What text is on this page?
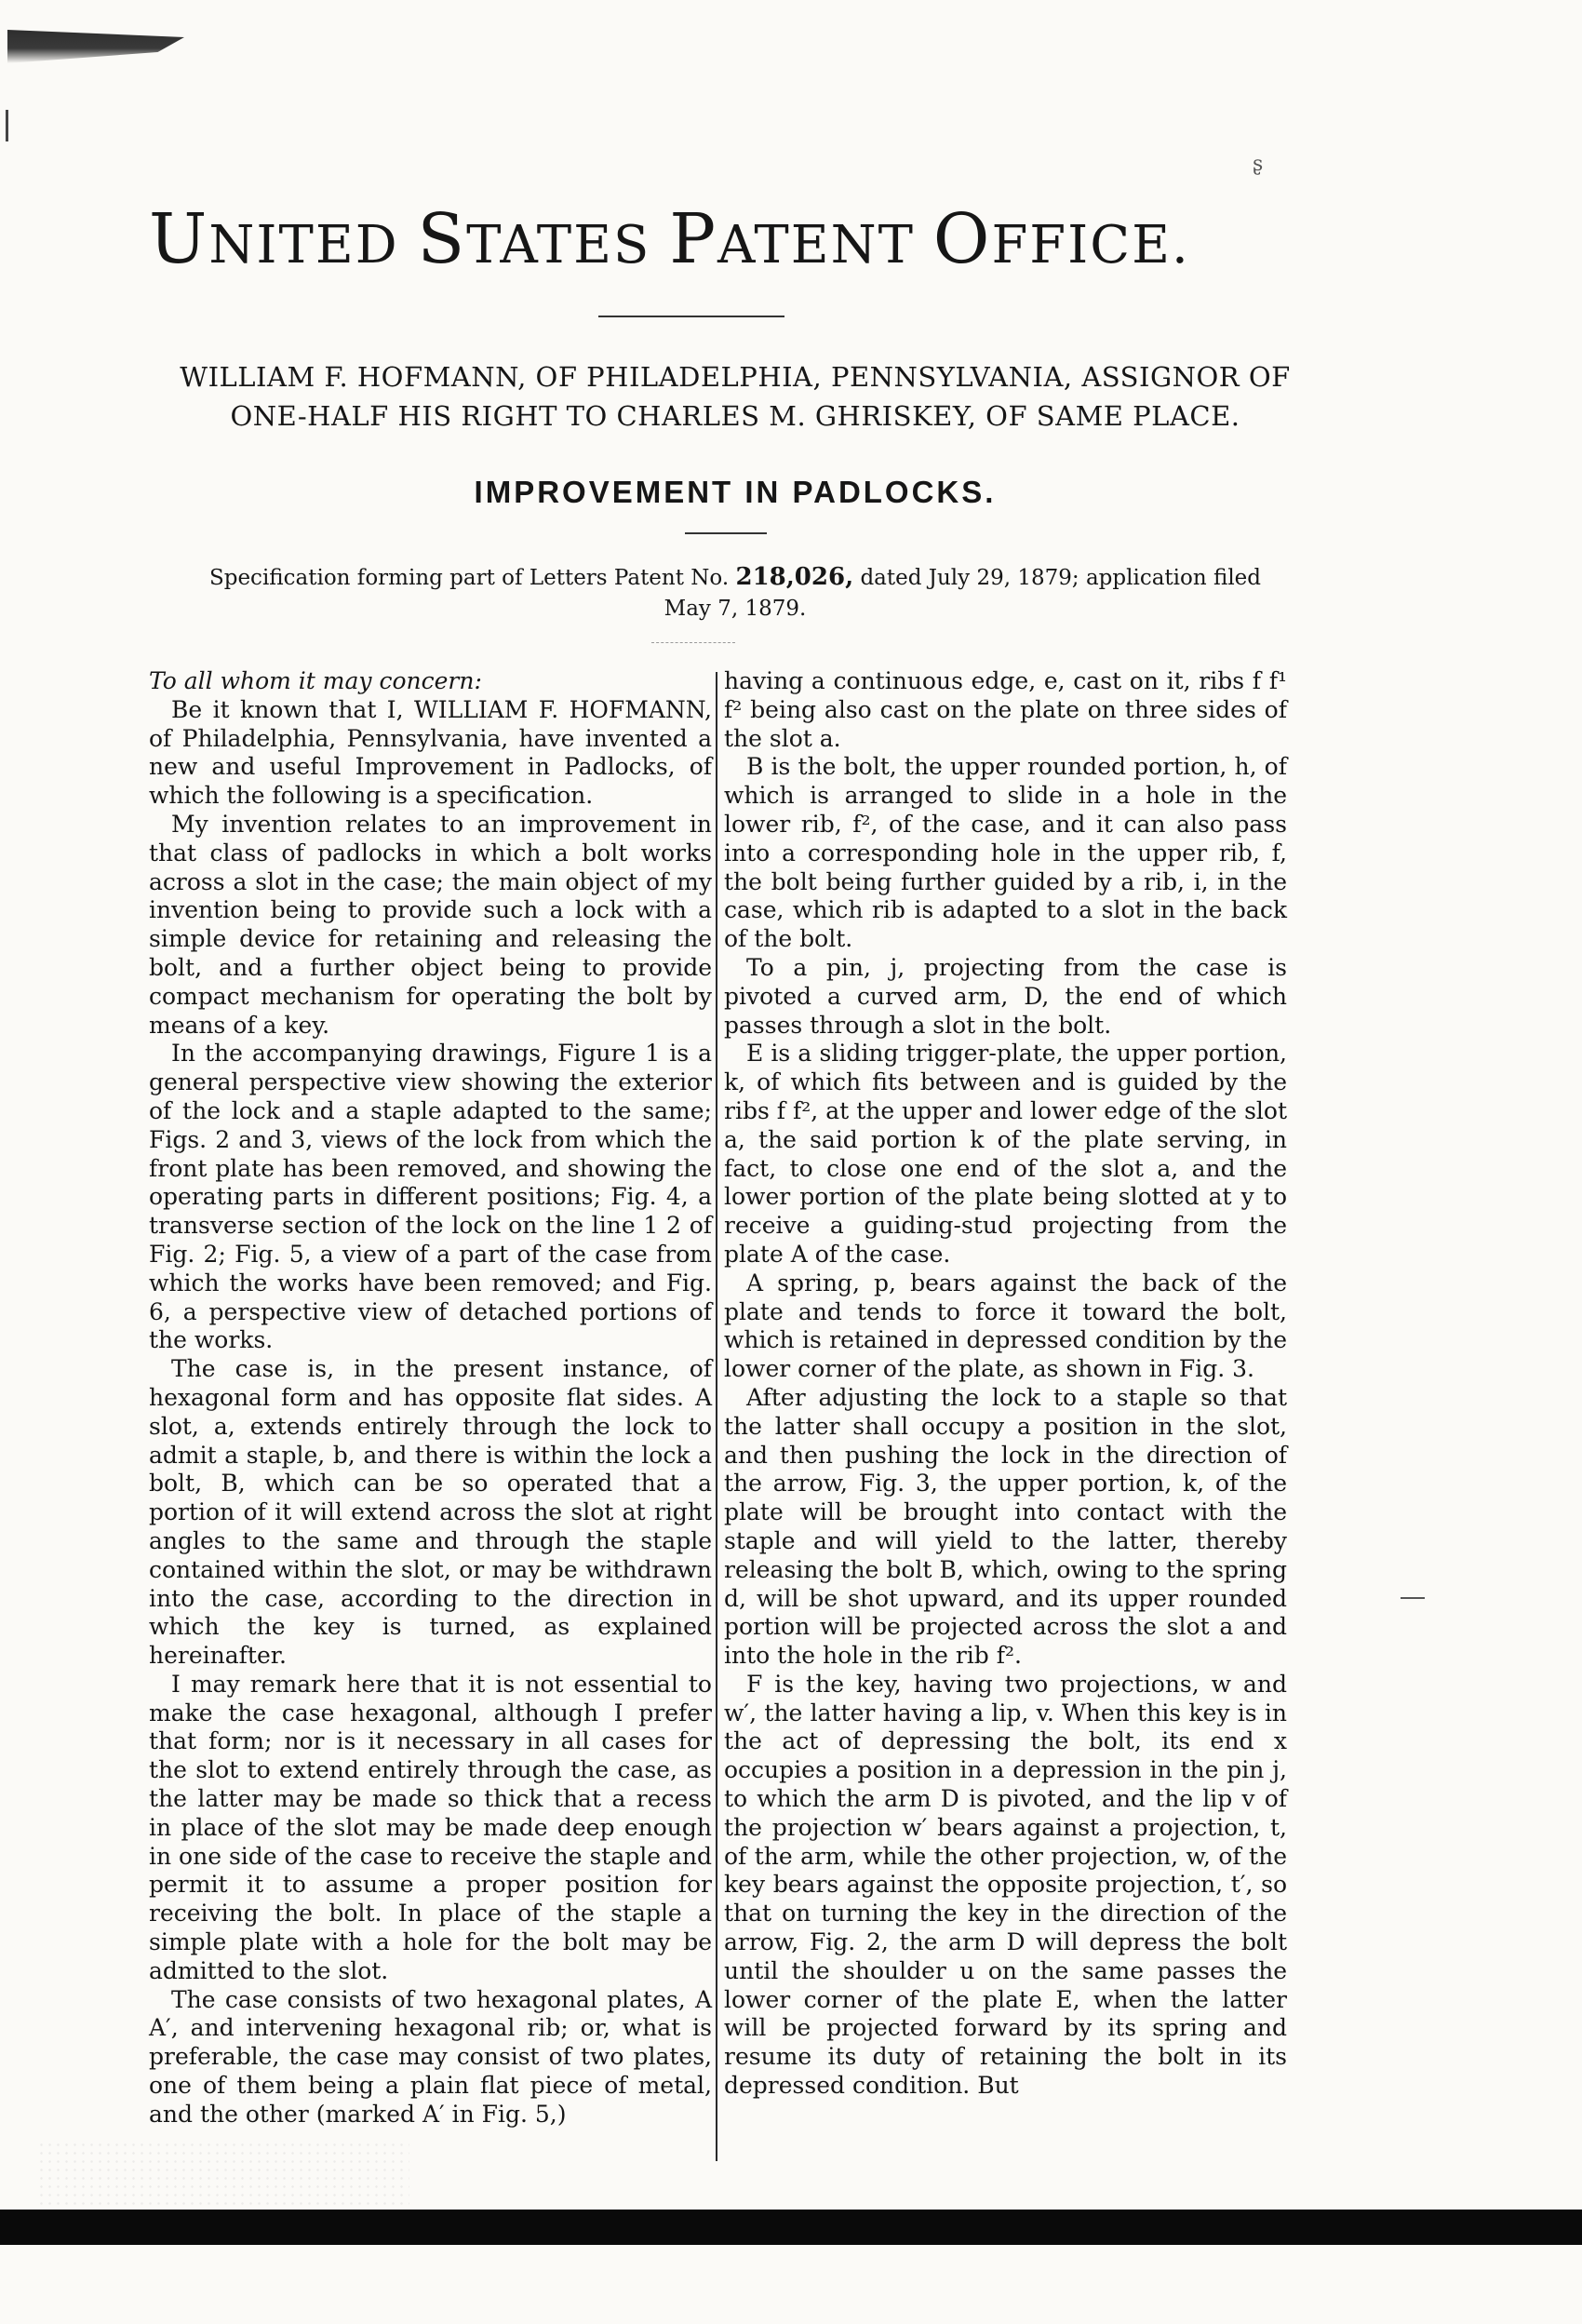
ʂ
UNITED STATES PATENT OFFICE.
WILLIAM F. HOFMANN, OF PHILADELPHIA, PENNSYLVANIA, ASSIGNOR OF
ONE-HALF HIS RIGHT TO CHARLES M. GHRISKEY, OF SAME PLACE.
IMPROVEMENT IN PADLOCKS.
Specification forming part of Letters Patent No. 218,026, dated July 29, 1879; application filed
May 7, 1879.

To all whom it may concern:

Be it known that I, WILLIAM F. HOFMANN, of Philadelphia, Pennsylvania, have invented a new and useful Improvement in Padlocks, of which the following is a specification.

My invention relates to an improvement in that class of padlocks in which a bolt works across a slot in the case; the main object of my invention being to provide such a lock with a simple device for retaining and releasing the bolt, and a further object being to provide compact mechanism for operating the bolt by means of a key.

In the accompanying drawings, Figure 1 is a general perspective view showing the exterior of the lock and a staple adapted to the same; Figs. 2 and 3, views of the lock from which the front plate has been removed, and showing the operating parts in different positions; Fig. 4, a transverse section of the lock on the line 1 2 of Fig. 2; Fig. 5, a view of a part of the case from which the works have been removed; and Fig. 6, a perspective view of detached portions of the works.

The case is, in the present instance, of hexagonal form and has opposite flat sides. A slot, a, extends entirely through the lock to admit a staple, b, and there is within the lock a bolt, B, which can be so operated that a portion of it will extend across the slot at right angles to the same and through the staple contained within the slot, or may be withdrawn into the case, according to the direction in which the key is turned, as explained hereinafter.

I may remark here that it is not essential to make the case hexagonal, although I prefer that form; nor is it necessary in all cases for the slot to extend entirely through the case, as the latter may be made so thick that a recess in place of the slot may be made deep enough in one side of the case to receive the staple and permit it to assume a proper position for receiving the bolt. In place of the staple a simple plate with a hole for the bolt may be admitted to the slot.

The case consists of two hexagonal plates, A A′, and intervening hexagonal rib; or, what is preferable, the case may consist of two plates, one of them being a plain flat piece of metal, and the other (marked A′ in Fig. 5,)

having a continuous edge, e, cast on it, ribs f f¹ f² being also cast on the plate on three sides of the slot a.

B is the bolt, the upper rounded portion, h, of which is arranged to slide in a hole in the lower rib, f², of the case, and it can also pass into a corresponding hole in the upper rib, f, the bolt being further guided by a rib, i, in the case, which rib is adapted to a slot in the back of the bolt.

To a pin, j, projecting from the case is pivoted a curved arm, D, the end of which passes through a slot in the bolt.

E is a sliding trigger-plate, the upper portion, k, of which fits between and is guided by the ribs f f², at the upper and lower edge of the slot a, the said portion k of the plate serving, in fact, to close one end of the slot a, and the lower portion of the plate being slotted at y to receive a guiding-stud projecting from the plate A of the case.

A spring, p, bears against the back of the plate and tends to force it toward the bolt, which is retained in depressed condition by the lower corner of the plate, as shown in Fig. 3.

After adjusting the lock to a staple so that the latter shall occupy a position in the slot, and then pushing the lock in the direction of the arrow, Fig. 3, the upper portion, k, of the plate will be brought into contact with the staple and will yield to the latter, thereby releasing the bolt B, which, owing to the spring d, will be shot upward, and its upper rounded portion will be projected across the slot a and into the hole in the rib f².

F is the key, having two projections, w and w′, the latter having a lip, v. When this key is in the act of depressing the bolt, its end x occupies a position in a depression in the pin j, to which the arm D is pivoted, and the lip v of the projection w′ bears against a projection, t, of the arm, while the other projection, w, of the key bears against the opposite projection, t′, so that on turning the key in the direction of the arrow, Fig. 2, the arm D will depress the bolt until the shoulder u on the same passes the lower corner of the plate E, when the latter will be projected forward by its spring and resume its duty of retaining the bolt in its depressed condition. But
